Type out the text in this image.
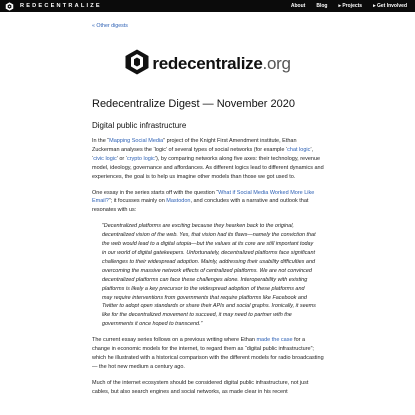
REDECENTRALIZE	About Blog ▸ Projects ▸ Get Involved
« Other digests
redecentralize.org
Redecentralize Digest — November 2020
Digital public infrastructure

In the “Mapping Social Media” project of the Knight First Amendment institute, Ethan Zuckerman analyses the ‘logic’ of several types of social networks (for example ‘chat logic’, ‘civic logic’ or ‘crypto logic’), by comparing networks along five axes: their technology, revenue model, ideology, governance and affordances. As different logics lead to different dynamics and experiences, the goal is to help us imagine other models than those we got used to.

One essay in the series starts off with the question “What if Social Media Worked More Like Email?”; it focusses mainly on Mastodon, and concludes with a narrative and outlook that resonates with us:

“Decentralized platforms are exciting because they hearken back to the original, decentralized vision of the web. Yes, that vision had its flaws—namely the conviction that the web would lead to a digital utopia—but the values at its core are still important today in our world of digital gatekeepers. Unfortunately, decentralized platforms face significant challenges to their widespread adoption. Mainly, addressing their usability difficulties and overcoming the massive network effects of centralized platforms. We are not convinced decentralized platforms can face these challenges alone. Interoperability with existing platforms is likely a key precursor to the widespread adoption of these platforms and may require interventions from governments that require platforms like Facebook and Twitter to adopt open standards or share their APIs and social graphs. Ironically, it seems like for the decentralized movement to succeed, it may need to partner with the governments it once hoped to transcend.”

The current essay series follows on a previous writing where Ethan made the case for a change in economic models for the internet, to regard them as “digital public infrastructure”; which he illustrated with a historical comparison with the different models for radio broadcasting — the hot new medium a century ago.

Much of the internet ecosystem should be considered digital public infrastructure, not just cables, but also search engines and social networks, as made clear in his recent
